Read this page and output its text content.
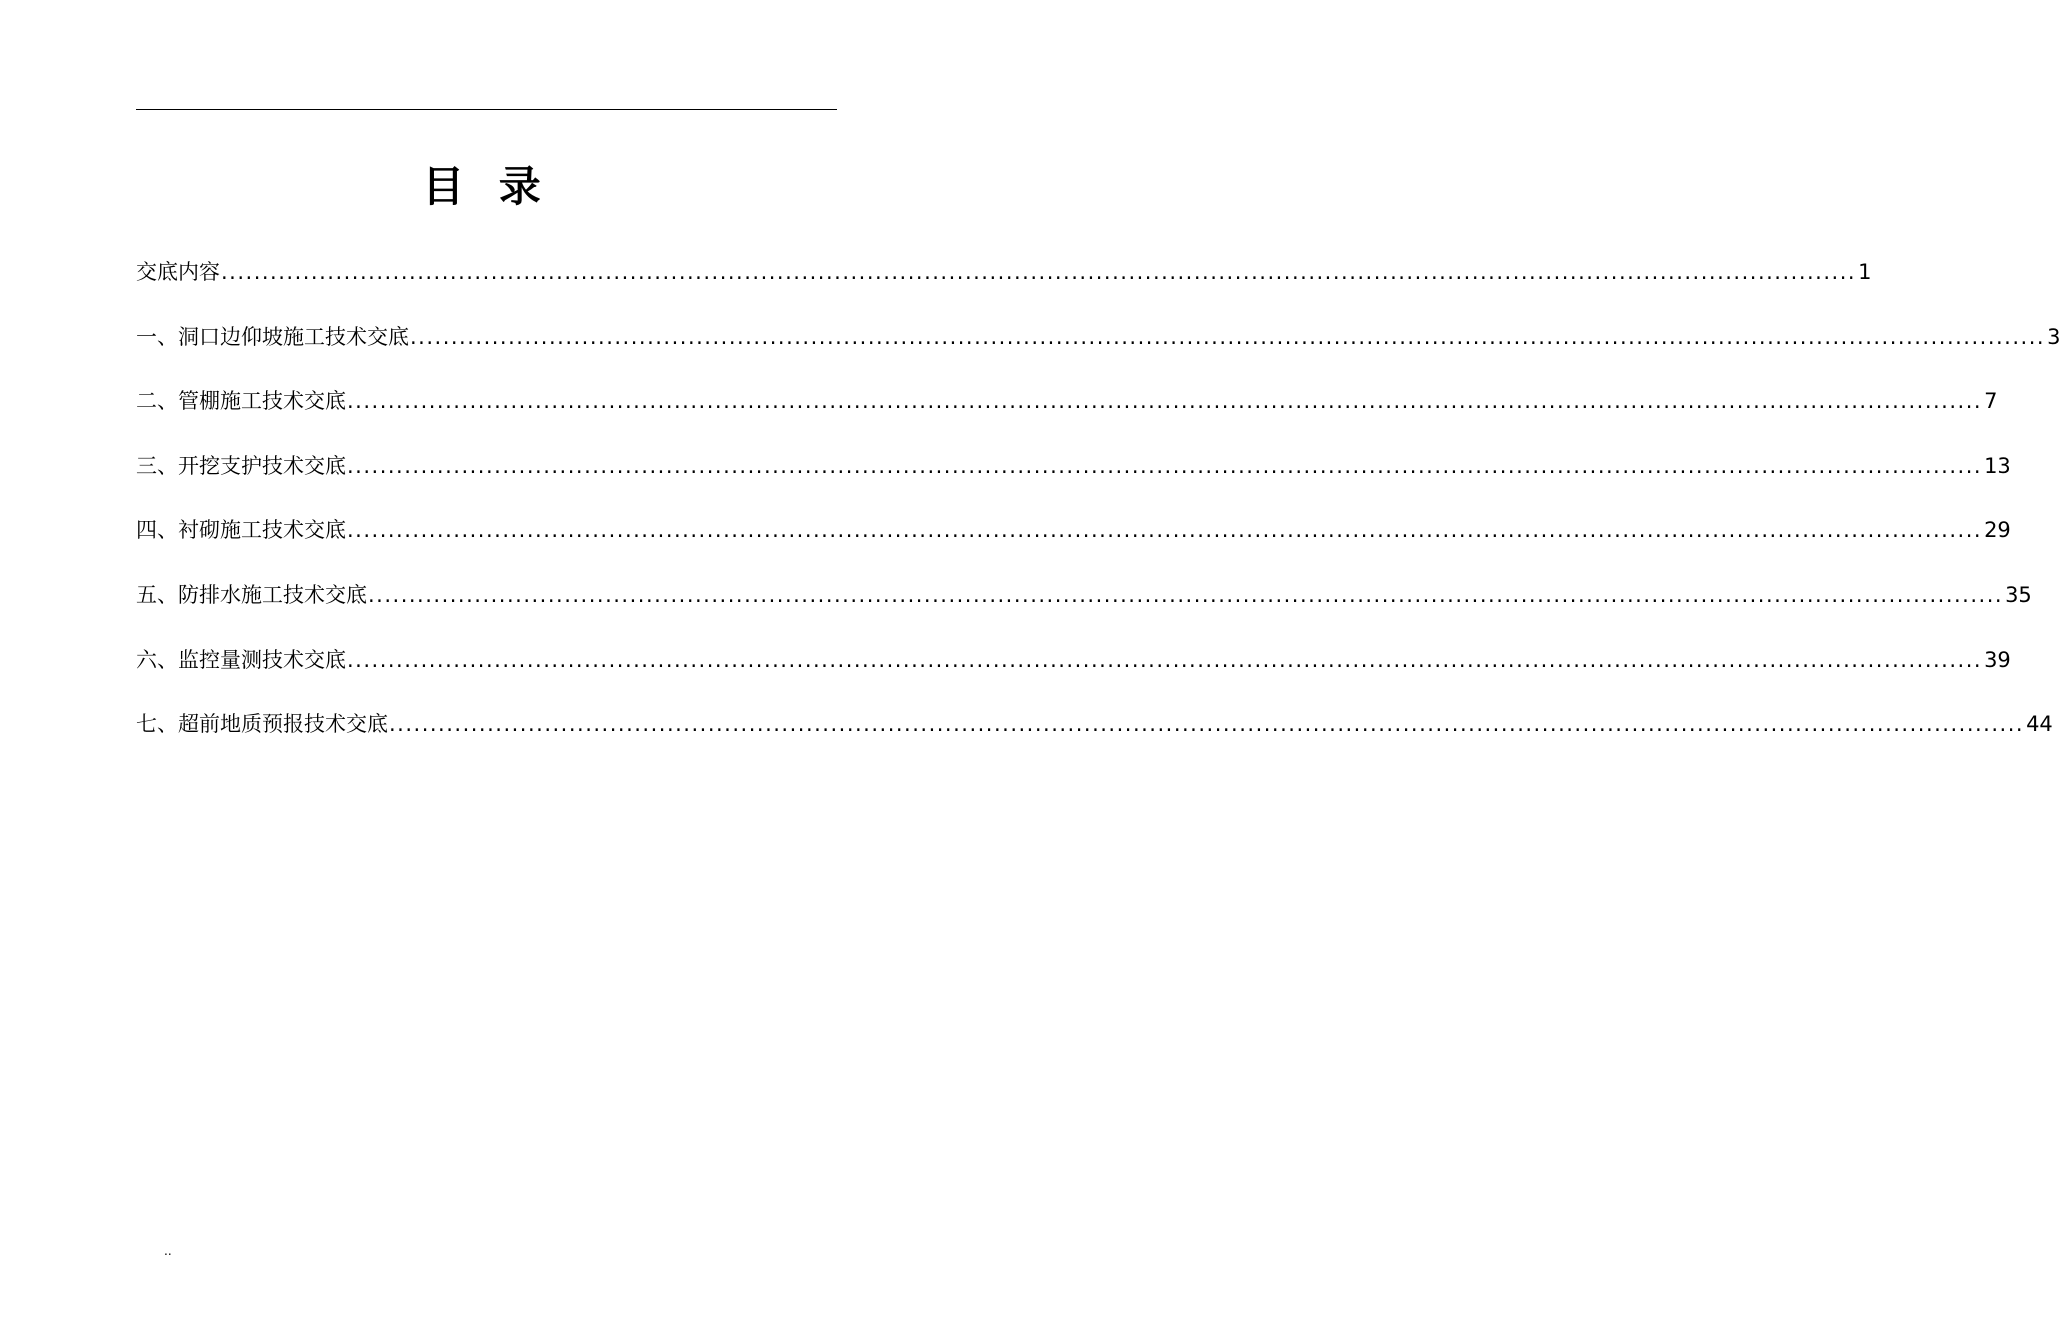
目 录
交底内容 ........................................................................................................................................................................................................ 1
一、洞口边仰坡施工技术交底 ........................................................................................................................................................................................................ 3
二、管棚施工技术交底 ........................................................................................................................................................................................................ 7
三、开挖支护技术交底 ........................................................................................................................................................................................................ 13
四、衬砌施工技术交底 ........................................................................................................................................................................................................ 29
五、防排水施工技术交底 ........................................................................................................................................................................................................ 35
六、监控量测技术交底 ........................................................................................................................................................................................................ 39
七、超前地质预报技术交底 ........................................................................................................................................................................................................ 44
..
